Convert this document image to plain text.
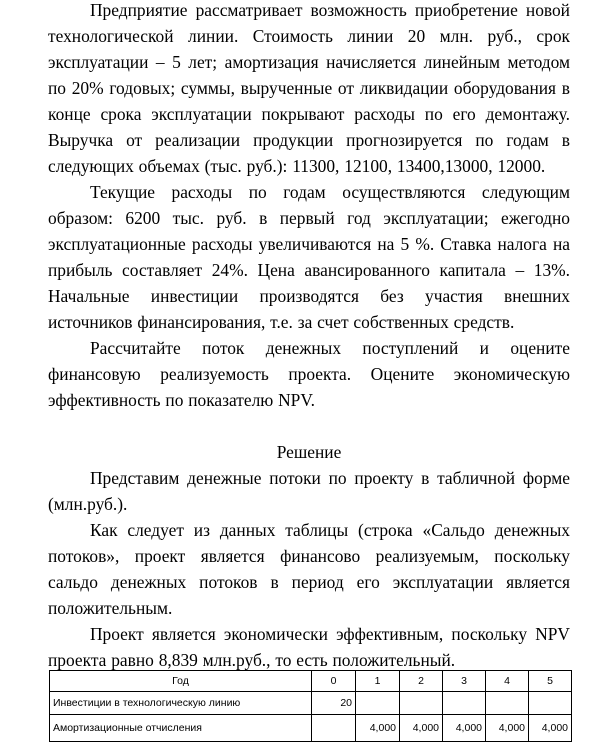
Предприятие рассматривает возможность приобретение новой технологической линии. Стоимость линии 20 млн. руб., срок эксплуатации – 5 лет; амортизация начисляется линейным методом по 20% годовых; суммы, вырученные от ликвидации оборудования в конце срока эксплуатации покрывают расходы по его демонтажу. Выручка от реализации продукции прогнозируется по годам в следующих объемах (тыс. руб.): 11300, 12100, 13400,13000, 12000.

Текущие расходы по годам осуществляются следующим образом: 6200 тыс. руб. в первый год эксплуатации; ежегодно эксплуатационные расходы увеличиваются на 5 %. Ставка налога на прибыль составляет 24%. Цена авансированного капитала – 13%. Начальные инвестиции производятся без участия внешних источников финансирования, т.е. за счет собственных средств.

Рассчитайте поток денежных поступлений и оцените финансовую реализуемость проекта. Оцените экономическую эффективность по показателю NPV.

Решение

Представим денежные потоки по проекту в табличной форме (млн.руб.).

Как следует из данных таблицы (строка «Сальдо денежных потоков», проект является финансово реализуемым, поскольку сальдо денежных потоков в период его эксплуатации является положительным.

Проект является экономически эффективным, поскольку NPV проекта равно 8,839 млн.руб., то есть положительный.

Год	0	1	2	3	4	5
Инвестиции в технологическую линию	20					
Амортизационные отчисления		4,000	4,000	4,000	4,000	4,000
